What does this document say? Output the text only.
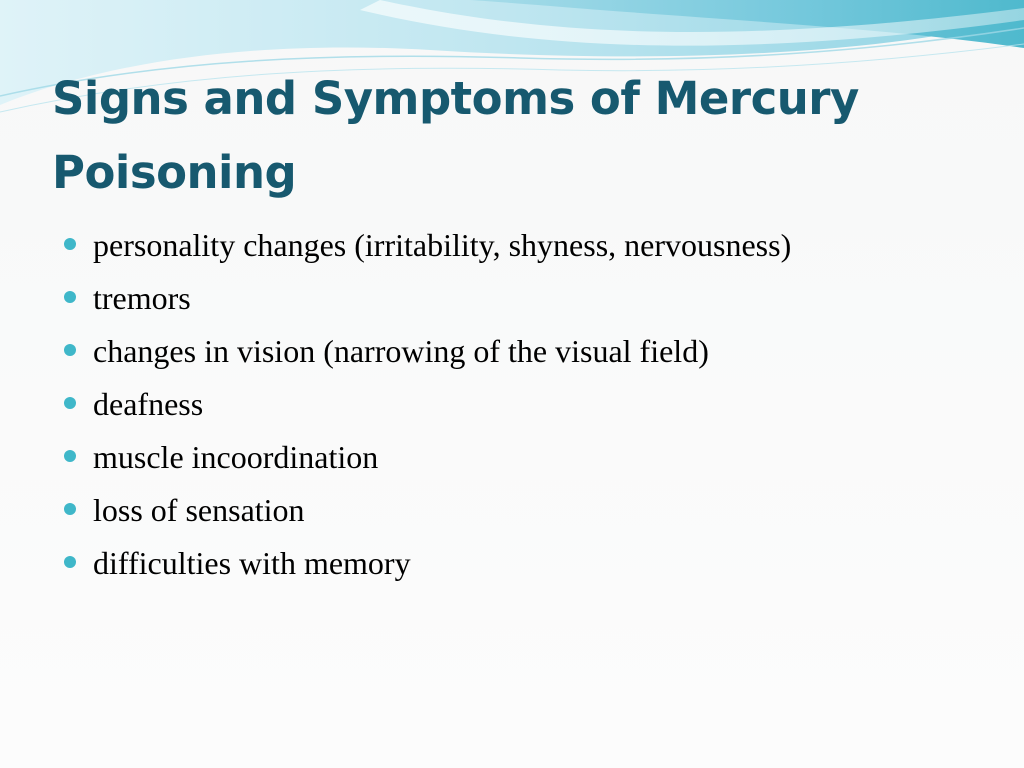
Signs and Symptoms of Mercury Poisoning
personality changes (irritability, shyness, nervousness)
tremors
changes in vision (narrowing of the visual field)
deafness
muscle incoordination
loss of sensation
difficulties with memory
